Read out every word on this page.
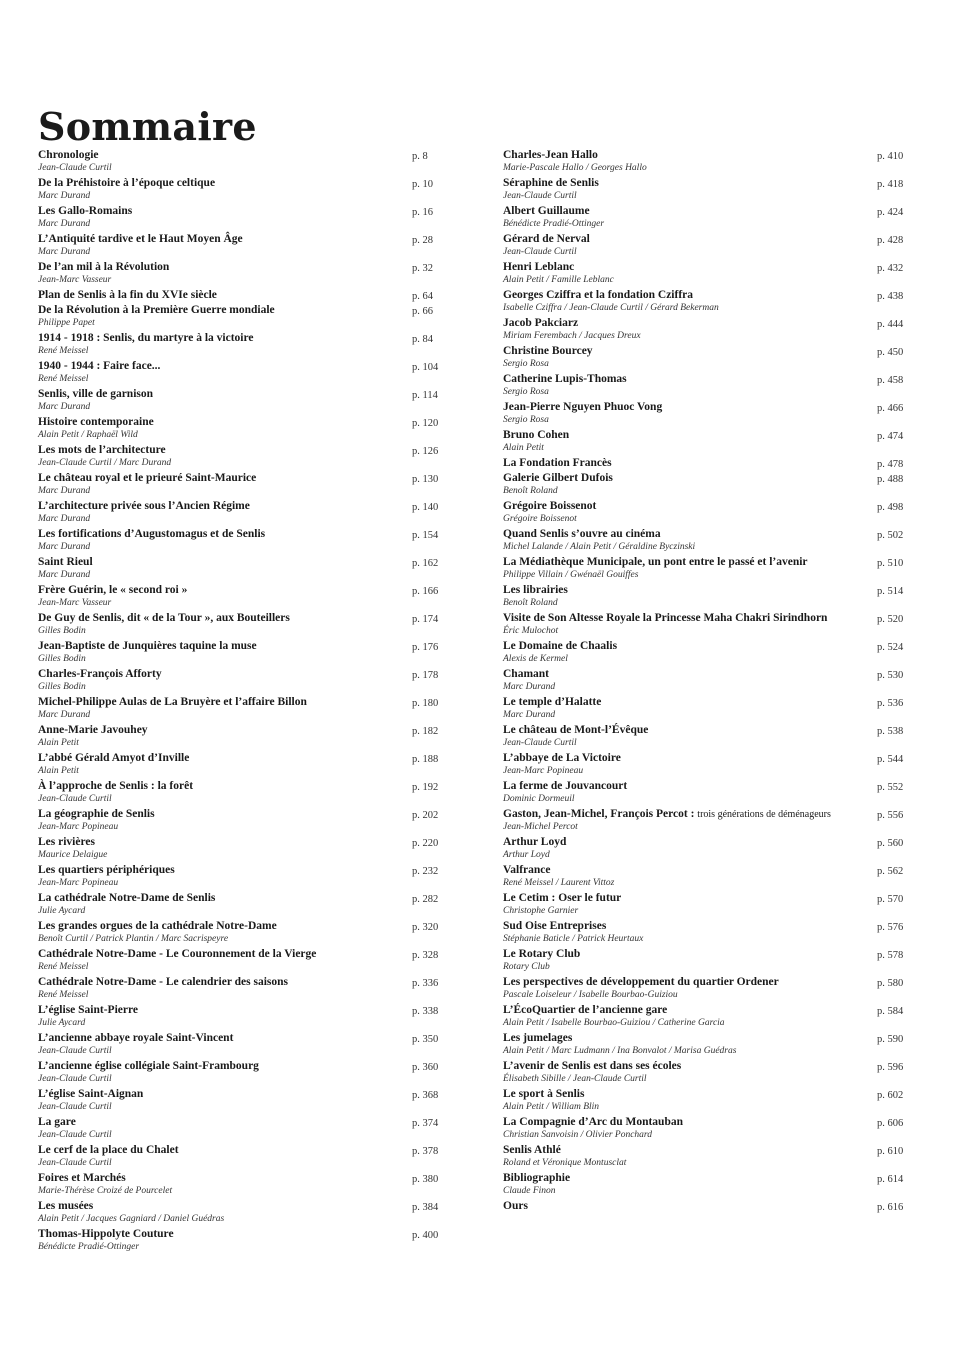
Sommaire
Chronologie
Jean-Claude Curtil
p. 8
De la Préhistoire à l’époque celtique
Marc Durand
p. 10
Les Gallo-Romains
Marc Durand
p. 16
L’Antiquité tardive et le Haut Moyen Âge
Marc Durand
p. 28
De l’an mil à la Révolution
Jean-Marc Vasseur
p. 32
Plan de Senlis à la fin du XVIe siècle	p. 64
De la Révolution à la Première Guerre mondiale
Philippe Papet
p. 66
1914 - 1918 : Senlis, du martyre à la victoire
René Meissel
p. 84
1940 - 1944 : Faire face...
René Meissel
p. 104
Senlis, ville de garnison
Marc Durand
p. 114
Histoire contemporaine
Alain Petit / Raphaël Wild
p. 120
Les mots de l’architecture
Jean-Claude Curtil / Marc Durand
p. 126
Le château royal et le prieuré Saint-Maurice
Marc Durand
p. 130
L’architecture privée sous l’Ancien Régime
Marc Durand
p. 140
Les fortifications d’Augustomagus et de Senlis
Marc Durand
p. 154
Saint Rieul
Marc Durand
p. 162
Frère Guérin, le « second roi »
Jean-Marc Vasseur
p. 166
De Guy de Senlis, dit « de la Tour », aux Bouteillers
Gilles Bodin
p. 174
Jean-Baptiste de Junquières taquine la muse
Gilles Bodin
p. 176
Charles-François Afforty
Gilles Bodin
p. 178
Michel-Philippe Aulas de La Bruyère et l’affaire Billon
Marc Durand
p. 180
Anne-Marie Javouhey
Alain Petit
p. 182
L’abbé Gérald Amyot d’Inville
Alain Petit
p. 188
À l’approche de Senlis : la forêt
Jean-Claude Curtil
p. 192
La géographie de Senlis
Jean-Marc Popineau
p. 202
Les rivières
Maurice Delaigue
p. 220
Les quartiers périphériques
Jean-Marc Popineau
p. 232
La cathédrale Notre-Dame de Senlis
Julie Aycard
p. 282
Les grandes orgues de la cathédrale Notre-Dame
Benoît Curtil / Patrick Plantin / Marc Sacrispeyre
p. 320
Cathédrale Notre-Dame - Le Couronnement de la Vierge
René Meissel
p. 328
Cathédrale Notre-Dame - Le calendrier des saisons
René Meissel
p. 336
L’église Saint-Pierre
Julie Aycard
p. 338
L’ancienne abbaye royale Saint-Vincent
Jean-Claude Curtil
p. 350
L’ancienne église collégiale Saint-Frambourg
Jean-Claude Curtil
p. 360
L’église Saint-Aignan
Jean-Claude Curtil
p. 368
La gare
Jean-Claude Curtil
p. 374
Le cerf de la place du Chalet
Jean-Claude Curtil
p. 378
Foires et Marchés
Marie-Thérèse Croizé de Pourcelet
p. 380
Les musées
Alain Petit / Jacques Gagniard / Daniel Guédras
p. 384
Thomas-Hippolyte Couture
Bénédicte Pradié-Ottinger
p. 400
Charles-Jean Hallo
Marie-Pascale Hallo / Georges Hallo
p. 410
Séraphine de Senlis
Jean-Claude Curtil
p. 418
Albert Guillaume
Bénédicte Pradié-Ottinger
p. 424
Gérard de Nerval
Jean-Claude Curtil
p. 428
Henri Leblanc
Alain Petit / Famille Leblanc
p. 432
Georges Cziffra et la fondation Cziffra
Isabelle Cziffra / Jean-Claude Curtil / Gérard Bekerman
p. 438
Jacob Pakciarz
Miriam Ferembach / Jacques Dreux
p. 444
Christine Bourcey
Sergio Rosa
p. 450
Catherine Lupis-Thomas
Sergio Rosa
p. 458
Jean-Pierre Nguyen Phuoc Vong
Sergio Rosa
p. 466
Bruno Cohen
Alain Petit
p. 474
La Fondation Francès	p. 478
Galerie Gilbert Dufois
Benoît Roland
p. 488
Grégoire Boissenot
Grégoire Boissenot
p. 498
Quand Senlis s’ouvre au cinéma
Michel Lalande / Alain Petit / Géraldine Byczinski
p. 502
La Médiathèque Municipale, un pont entre le passé et l’avenir
Philippe Villain / Gwénaël Gouiffes
p. 510
Les librairies
Benoît Roland
p. 514
Visite de Son Altesse Royale la Princesse Maha Chakri Sirindhorn
Éric Mulochot
p. 520
Le Domaine de Chaalis
Alexis de Kermel
p. 524
Chamant
Marc Durand
p. 530
Le temple d’Halatte
Marc Durand
p. 536
Le château de Mont-l’Évêque
Jean-Claude Curtil
p. 538
L’abbaye de La Victoire
Jean-Marc Popineau
p. 544
La ferme de Jouvancourt
Dominic Dormeuil
p. 552
Gaston, Jean-Michel, François Percot : trois générations de déménageurs
Jean-Michel Percot
p. 556
Arthur Loyd
Arthur Loyd
p. 560
Valfrance
René Meissel / Laurent Vittoz
p. 562
Le Cetim : Oser le futur
Christophe Garnier
p. 570
Sud Oise Entreprises
Stéphanie Baticle / Patrick Heurtaux
p. 576
Le Rotary Club
Rotary Club
p. 578
Les perspectives de développement du quartier Ordener
Pascale Loiseleur / Isabelle Bourbao-Guiziou
p. 580
L’ÉcoQuartier de l’ancienne gare
Alain Petit / Isabelle Bourbao-Guiziou / Catherine Garcia
p. 584
Les jumelages
Alain Petit / Marc Ludmann / Ina Bonvalot / Marisa Guédras
p. 590
L’avenir de Senlis est dans ses écoles
Élisabeth Sibille / Jean-Claude Curtil
p. 596
Le sport à Senlis
Alain Petit / William Blin
p. 602
La Compagnie d’Arc du Montauban
Christian Sanvoisin / Olivier Ponchard
p. 606
Senlis Athlé
Roland et Véronique Montusclat
p. 610
Bibliographie
Claude Finon
p. 614
Ours	p. 616
